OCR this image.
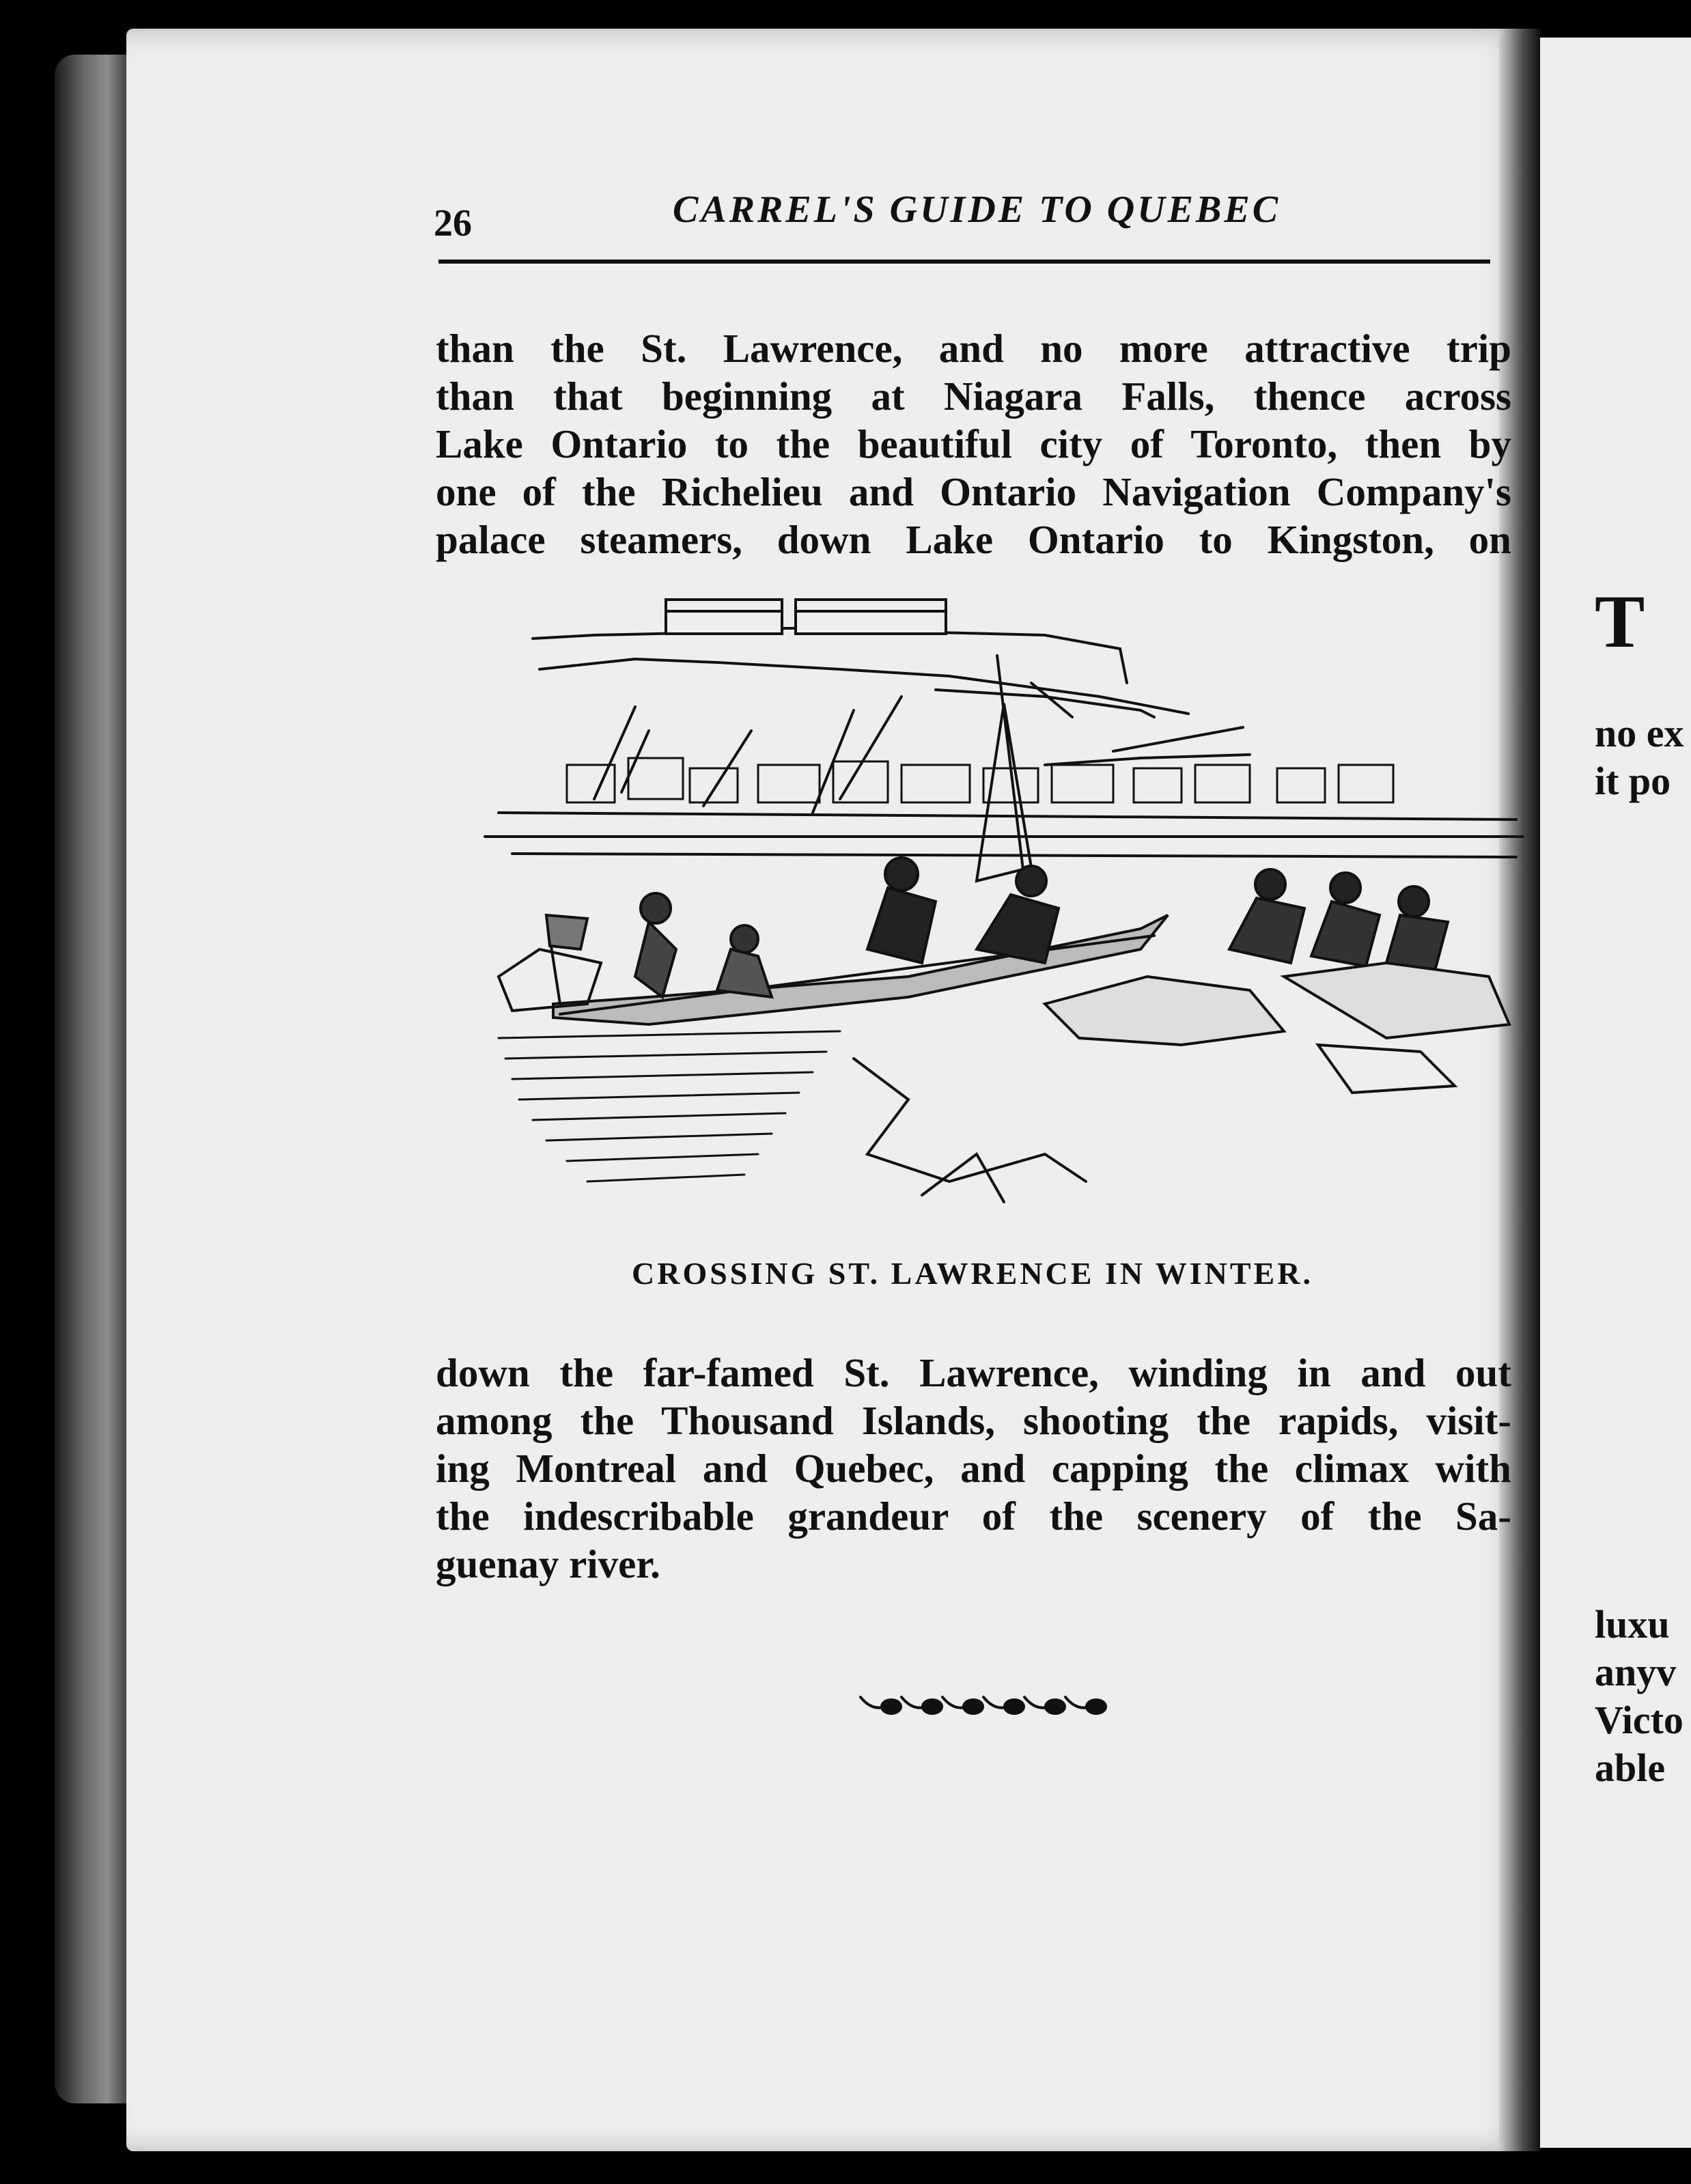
T
no ex
it po
luxu
anyv
Victo
able
26	CARREL'S GUIDE TO QUEBEC
than the St. Lawrence, and no more attractive trip
than that beginning at Niagara Falls, thence across
Lake Ontario to the beautiful city of Toronto, then by
one of the Richelieu and Ontario Navigation Company's
palace steamers, down Lake Ontario to Kingston, on
CROSSING ST. LAWRENCE IN WINTER.
down the far-famed St. Lawrence, winding in and out
among the Thousand Islands, shooting the rapids, visit-
ing Montreal and Quebec, and capping the climax with
the indescribable grandeur of the scenery of the Sa-
guenay river.
